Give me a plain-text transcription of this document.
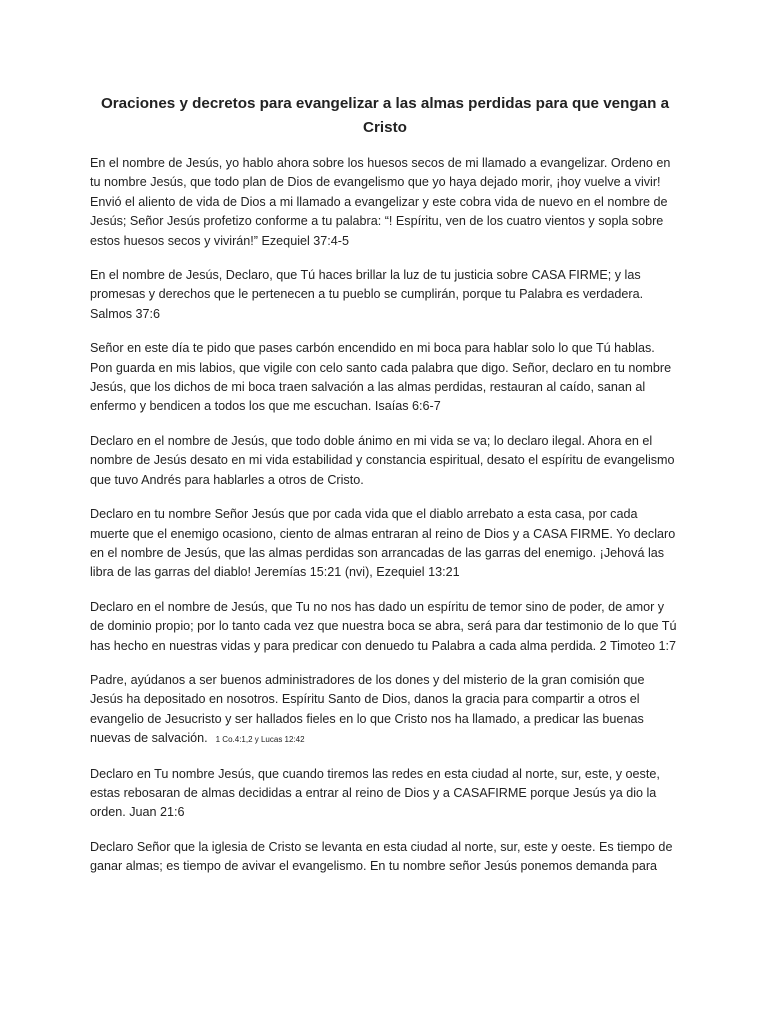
Oraciones y decretos para evangelizar a las almas perdidas para que vengan a Cristo

En el nombre de Jesús, yo hablo ahora sobre los huesos secos de mi llamado a evangelizar. Ordeno en tu nombre Jesús, que todo plan de Dios de evangelismo que yo haya dejado morir, ¡hoy vuelve a vivir! Envió el aliento de vida de Dios a mi llamado a evangelizar y este cobra vida de nuevo en el nombre de Jesús; Señor Jesús profetizo conforme a tu palabra: “! Espíritu, ven de los cuatro vientos y sopla sobre estos huesos secos y vivirán!” Ezequiel 37:4-5

En el nombre de Jesús, Declaro, que Tú haces brillar la luz de tu justicia sobre CASA FIRME; y las promesas y derechos que le pertenecen a tu pueblo se cumplirán, porque tu Palabra es verdadera. Salmos 37:6

Señor en este día te pido que pases carbón encendido en mi boca para hablar solo lo que Tú hablas. Pon guarda en mis labios, que vigile con celo santo cada palabra que digo. Señor, declaro en tu nombre Jesús, que los dichos de mi boca traen salvación a las almas perdidas, restauran al caído, sanan al enfermo y bendicen a todos los que me escuchan. Isaías 6:6-7

Declaro en el nombre de Jesús, que todo doble ánimo en mi vida se va; lo declaro ilegal. Ahora en el nombre de Jesús desato en mi vida estabilidad y constancia espiritual, desato el espíritu de evangelismo que tuvo Andrés para hablarles a otros de Cristo.

Declaro en tu nombre Señor Jesús que por cada vida que el diablo arrebato a esta casa, por cada muerte que el enemigo ocasiono, ciento de almas entraran al reino de Dios y a CASA FIRME. Yo declaro en el nombre de Jesús, que las almas perdidas son arrancadas de las garras del enemigo. ¡Jehová las libra de las garras del diablo! Jeremías 15:21 (nvi), Ezequiel 13:21

Declaro en el nombre de Jesús, que Tu no nos has dado un espíritu de temor sino de poder, de amor y de dominio propio; por lo tanto cada vez que nuestra boca se abra, será para dar testimonio de lo que Tú has hecho en nuestras vidas y para predicar con denuedo tu Palabra a cada alma perdida. 2 Timoteo 1:7

Padre, ayúdanos a ser buenos administradores de los dones y del misterio de la gran comisión que Jesús ha depositado en nosotros. Espíritu Santo de Dios, danos la gracia para compartir a otros el evangelio de Jesucristo y ser hallados fieles en lo que Cristo nos ha llamado, a predicar las buenas nuevas de salvación. 1 Co.4:1,2 y Lucas 12:42

Declaro en Tu nombre Jesús, que cuando tiremos las redes en esta ciudad al norte, sur, este, y oeste, estas rebosaran de almas decididas a entrar al reino de Dios y a CASAFIRME porque Jesús ya dio la orden. Juan 21:6

Declaro Señor que la iglesia de Cristo se levanta en esta ciudad al norte, sur, este y oeste. Es tiempo de ganar almas; es tiempo de avivar el evangelismo. En tu nombre señor Jesús ponemos demanda para
